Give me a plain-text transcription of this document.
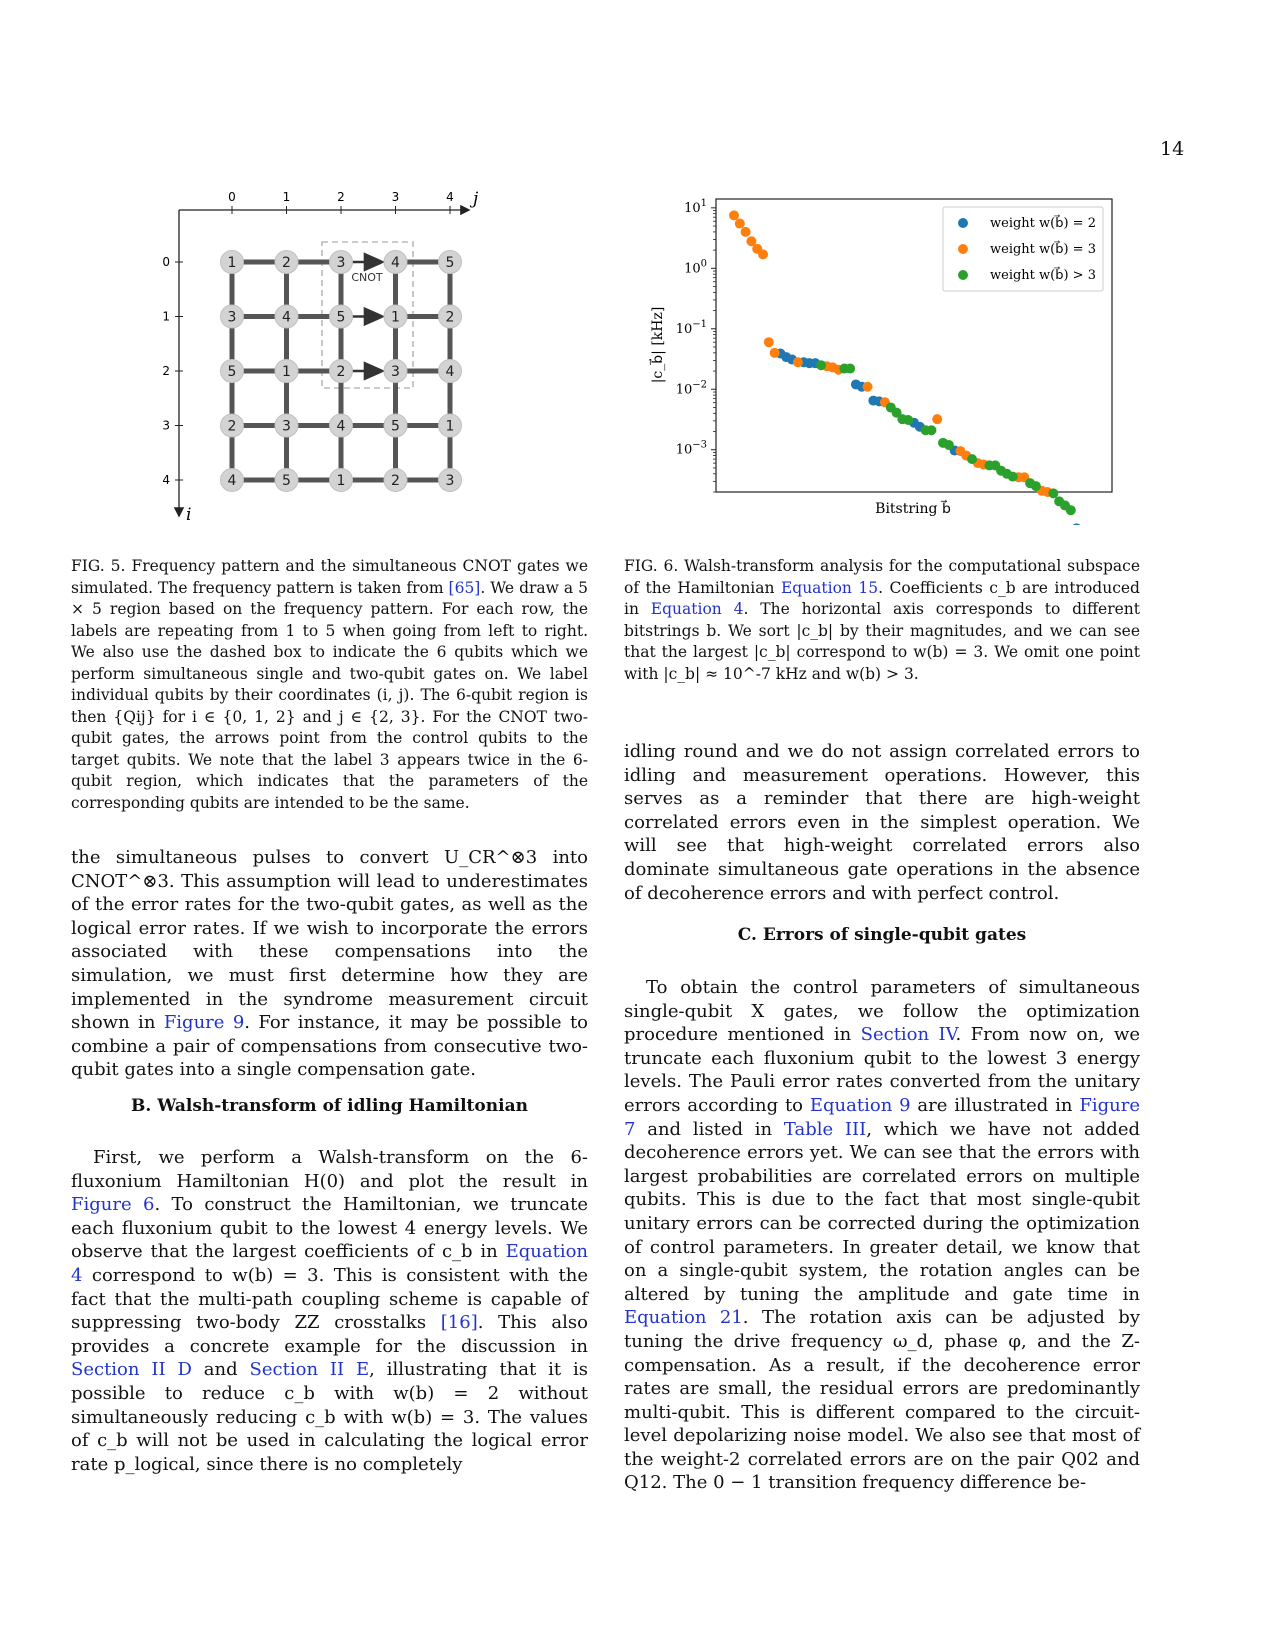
14
0	1	2	3	4
0
1
2
3
4
j
i
CNOT
1	2	3	4	5
3	4	5	1	2
5	1	2	3	4
2	3	4	5	1
4	5	1	2	3
FIG. 5. Frequency pattern and the simultaneous CNOT gates we simulated. The frequency pattern is taken from [65]. We draw a 5 × 5 region based on the frequency pattern. For each row, the labels are repeating from 1 to 5 when going from left to right. We also use the dashed box to indicate the 6 qubits which we perform simultaneous single and two-qubit gates on. We label individual qubits by their coordinates (i, j). The 6-qubit region is then {Qij} for i ∈ {0, 1, 2} and j ∈ {2, 3}. For the CNOT two-qubit gates, the arrows point from the control qubits to the target qubits. We note that the label 3 appears twice in the 6-qubit region, which indicates that the parameters of the corresponding qubits are intended to be the same.
$10^1$
$10^0$
$10^{-1}$
$10^{-2}$
$10^{-3}$
weight w(b⃗) = 2
weight w(b⃗) = 3
weight w(b⃗) > 3
Bitstring b⃗
|c_b⃗| [kHz]
FIG. 6. Walsh-transform analysis for the computational subspace of the Hamiltonian Equation 15. Coefficients c_b are introduced in Equation 4. The horizontal axis corresponds to different bitstrings b. We sort |c_b| by their magnitudes, and we can see that the largest |c_b| correspond to w(b) = 3. We omit one point with |c_b| ≈ 10^-7 kHz and w(b) > 3.
the simultaneous pulses to convert U_CR^⊗3 into CNOT^⊗3. This assumption will lead to underestimates of the error rates for the two-qubit gates, as well as the logical error rates. If we wish to incorporate the errors associated with these compensations into the simulation, we must first determine how they are implemented in the syndrome measurement circuit shown in Figure 9. For instance, it may be possible to combine a pair of compensations from consecutive two-qubit gates into a single compensation gate.
B. Walsh-transform of idling Hamiltonian
First, we perform a Walsh-transform on the 6-fluxonium Hamiltonian H(0) and plot the result in Figure 6. To construct the Hamiltonian, we truncate each fluxonium qubit to the lowest 4 energy levels. We observe that the largest coefficients of c_b in Equation 4 correspond to w(b) = 3. This is consistent with the fact that the multi-path coupling scheme is capable of suppressing two-body ZZ crosstalks [16]. This also provides a concrete example for the discussion in Section II D and Section II E, illustrating that it is possible to reduce c_b with w(b) = 2 without simultaneously reducing c_b with w(b) = 3. The values of c_b will not be used in calculating the logical error rate p_logical, since there is no completely
idling round and we do not assign correlated errors to idling and measurement operations. However, this serves as a reminder that there are high-weight correlated errors even in the simplest operation. We will see that high-weight correlated errors also dominate simultaneous gate operations in the absence of decoherence errors and with perfect control.
C. Errors of single-qubit gates
To obtain the control parameters of simultaneous single-qubit X gates, we follow the optimization procedure mentioned in Section IV. From now on, we truncate each fluxonium qubit to the lowest 3 energy levels. The Pauli error rates converted from the unitary errors according to Equation 9 are illustrated in Figure 7 and listed in Table III, which we have not added decoherence errors yet. We can see that the errors with largest probabilities are correlated errors on multiple qubits. This is due to the fact that most single-qubit unitary errors can be corrected during the optimization of control parameters. In greater detail, we know that on a single-qubit system, the rotation angles can be altered by tuning the amplitude and gate time in Equation 21. The rotation axis can be adjusted by tuning the drive frequency ω_d, phase φ, and the Z-compensation. As a result, if the decoherence error rates are small, the residual errors are predominantly multi-qubit. This is different compared to the circuit-level depolarizing noise model. We also see that most of the weight-2 correlated errors are on the pair Q02 and Q12. The 0 − 1 transition frequency difference be-
